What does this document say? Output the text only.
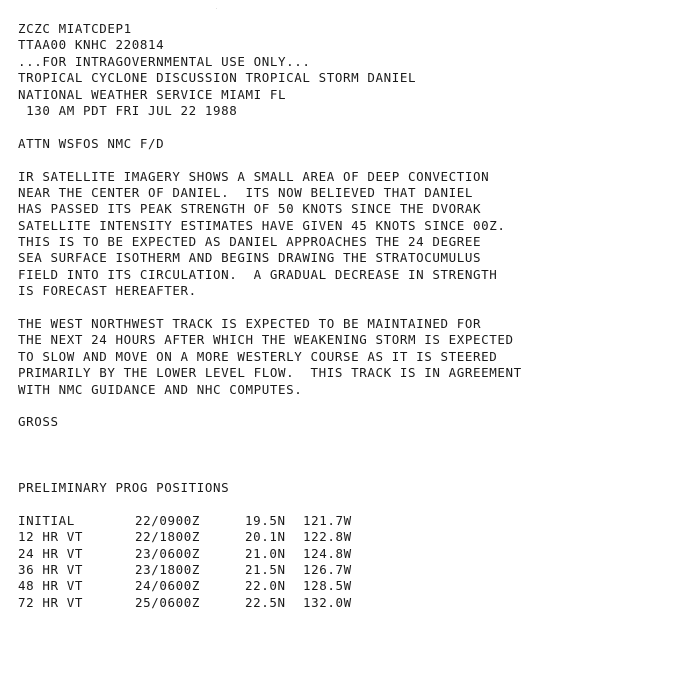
ZCZC MIATCDEP1
TTAA00 KNHC 220814
...FOR INTRAGOVERNMENTAL USE ONLY...
TROPICAL CYCLONE DISCUSSION TROPICAL STORM DANIEL
NATIONAL WEATHER SERVICE MIAMI FL
130 AM PDT FRI JUL 22 1988
ATTN WSFOS NMC F/D
IR SATELLITE IMAGERY SHOWS A SMALL AREA OF DEEP CONVECTION
NEAR THE CENTER OF DANIEL.  ITS NOW BELIEVED THAT DANIEL
HAS PASSED ITS PEAK STRENGTH OF 50 KNOTS SINCE THE DVORAK
SATELLITE INTENSITY ESTIMATES HAVE GIVEN 45 KNOTS SINCE 00Z.
THIS IS TO BE EXPECTED AS DANIEL APPROACHES THE 24 DEGREE
SEA SURFACE ISOTHERM AND BEGINS DRAWING THE STRATOCUMULUS
FIELD INTO ITS CIRCULATION.  A GRADUAL DECREASE IN STRENGTH
IS FORECAST HEREAFTER.
THE WEST NORTHWEST TRACK IS EXPECTED TO BE MAINTAINED FOR
THE NEXT 24 HOURS AFTER WHICH THE WEAKENING STORM IS EXPECTED
TO SLOW AND MOVE ON A MORE WESTERLY COURSE AS IT IS STEERED
PRIMARILY BY THE LOWER LEVEL FLOW.  THIS TRACK IS IN AGREEMENT
WITH NMC GUIDANCE AND NHC COMPUTES.
GROSS
PRELIMINARY PROG POSITIONS
INITIAL	22/0900Z	19.5N	121.7W
12 HR VT	22/1800Z	20.1N	122.8W
24 HR VT	23/0600Z	21.0N	124.8W
36 HR VT	23/1800Z	21.5N	126.7W
48 HR VT	24/0600Z	22.0N	128.5W
72 HR VT	25/0600Z	22.5N	132.0W
